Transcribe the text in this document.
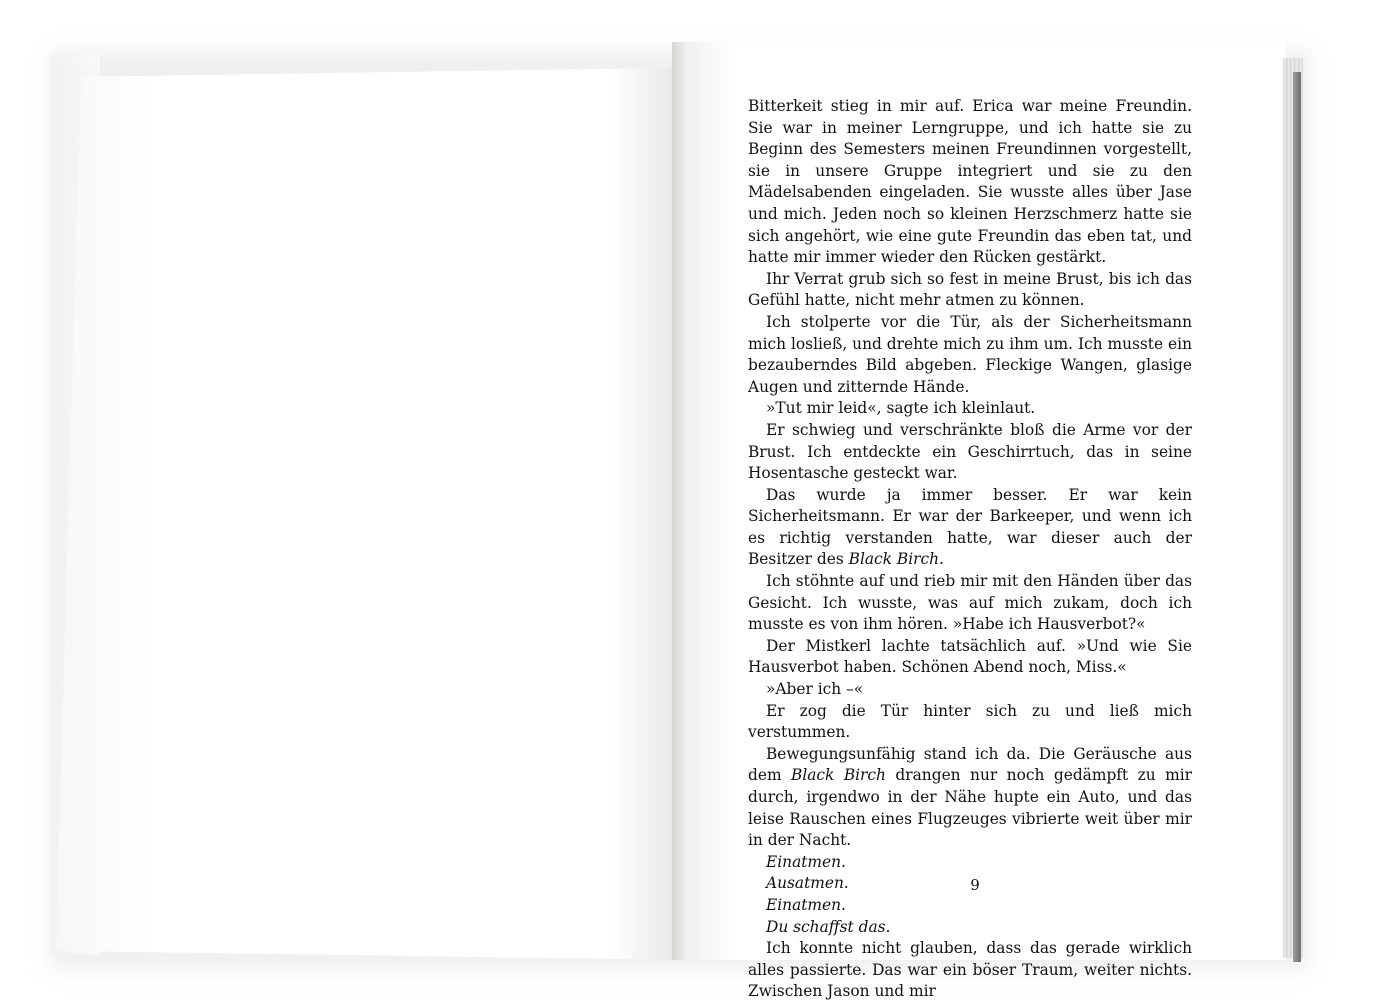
Bitterkeit stieg in mir auf. Erica war meine Freundin. Sie war in meiner Lerngruppe, und ich hatte sie zu Beginn des Semesters meinen Freundinnen vorgestellt, sie in unsere Gruppe integriert und sie zu den Mädelsabenden eingeladen. Sie wusste alles über Jase und mich. Jeden noch so kleinen Herzschmerz hatte sie sich angehört, wie eine gute Freundin das eben tat, und hatte mir immer wieder den Rücken gestärkt.

Ihr Verrat grub sich so fest in meine Brust, bis ich das Gefühl hatte, nicht mehr atmen zu können.

Ich stolperte vor die Tür, als der Sicherheitsmann mich losließ, und drehte mich zu ihm um. Ich musste ein bezauberndes Bild abgeben. Fleckige Wangen, glasige Augen und zitternde Hände.

»Tut mir leid«, sagte ich kleinlaut.

Er schwieg und verschränkte bloß die Arme vor der Brust. Ich entdeckte ein Geschirrtuch, das in seine Hosentasche gesteckt war.

Das wurde ja immer besser. Er war kein Sicherheitsmann. Er war der Barkeeper, und wenn ich es richtig verstanden hatte, war dieser auch der Besitzer des Black Birch.

Ich stöhnte auf und rieb mir mit den Händen über das Gesicht. Ich wusste, was auf mich zukam, doch ich musste es von ihm hören. »Habe ich Hausverbot?«

Der Mistkerl lachte tatsächlich auf. »Und wie Sie Hausverbot haben. Schönen Abend noch, Miss.«

»Aber ich –«

Er zog die Tür hinter sich zu und ließ mich verstummen.

Bewegungsunfähig stand ich da. Die Geräusche aus dem Black Birch drangen nur noch gedämpft zu mir durch, irgendwo in der Nähe hupte ein Auto, und das leise Rauschen eines Flugzeuges vibrierte weit über mir in der Nacht.

Einatmen.

Ausatmen.

Einatmen.

Du schaffst das.

Ich konnte nicht glauben, dass das gerade wirklich alles passierte. Das war ein böser Traum, weiter nichts. Zwischen Jason und mir

9
